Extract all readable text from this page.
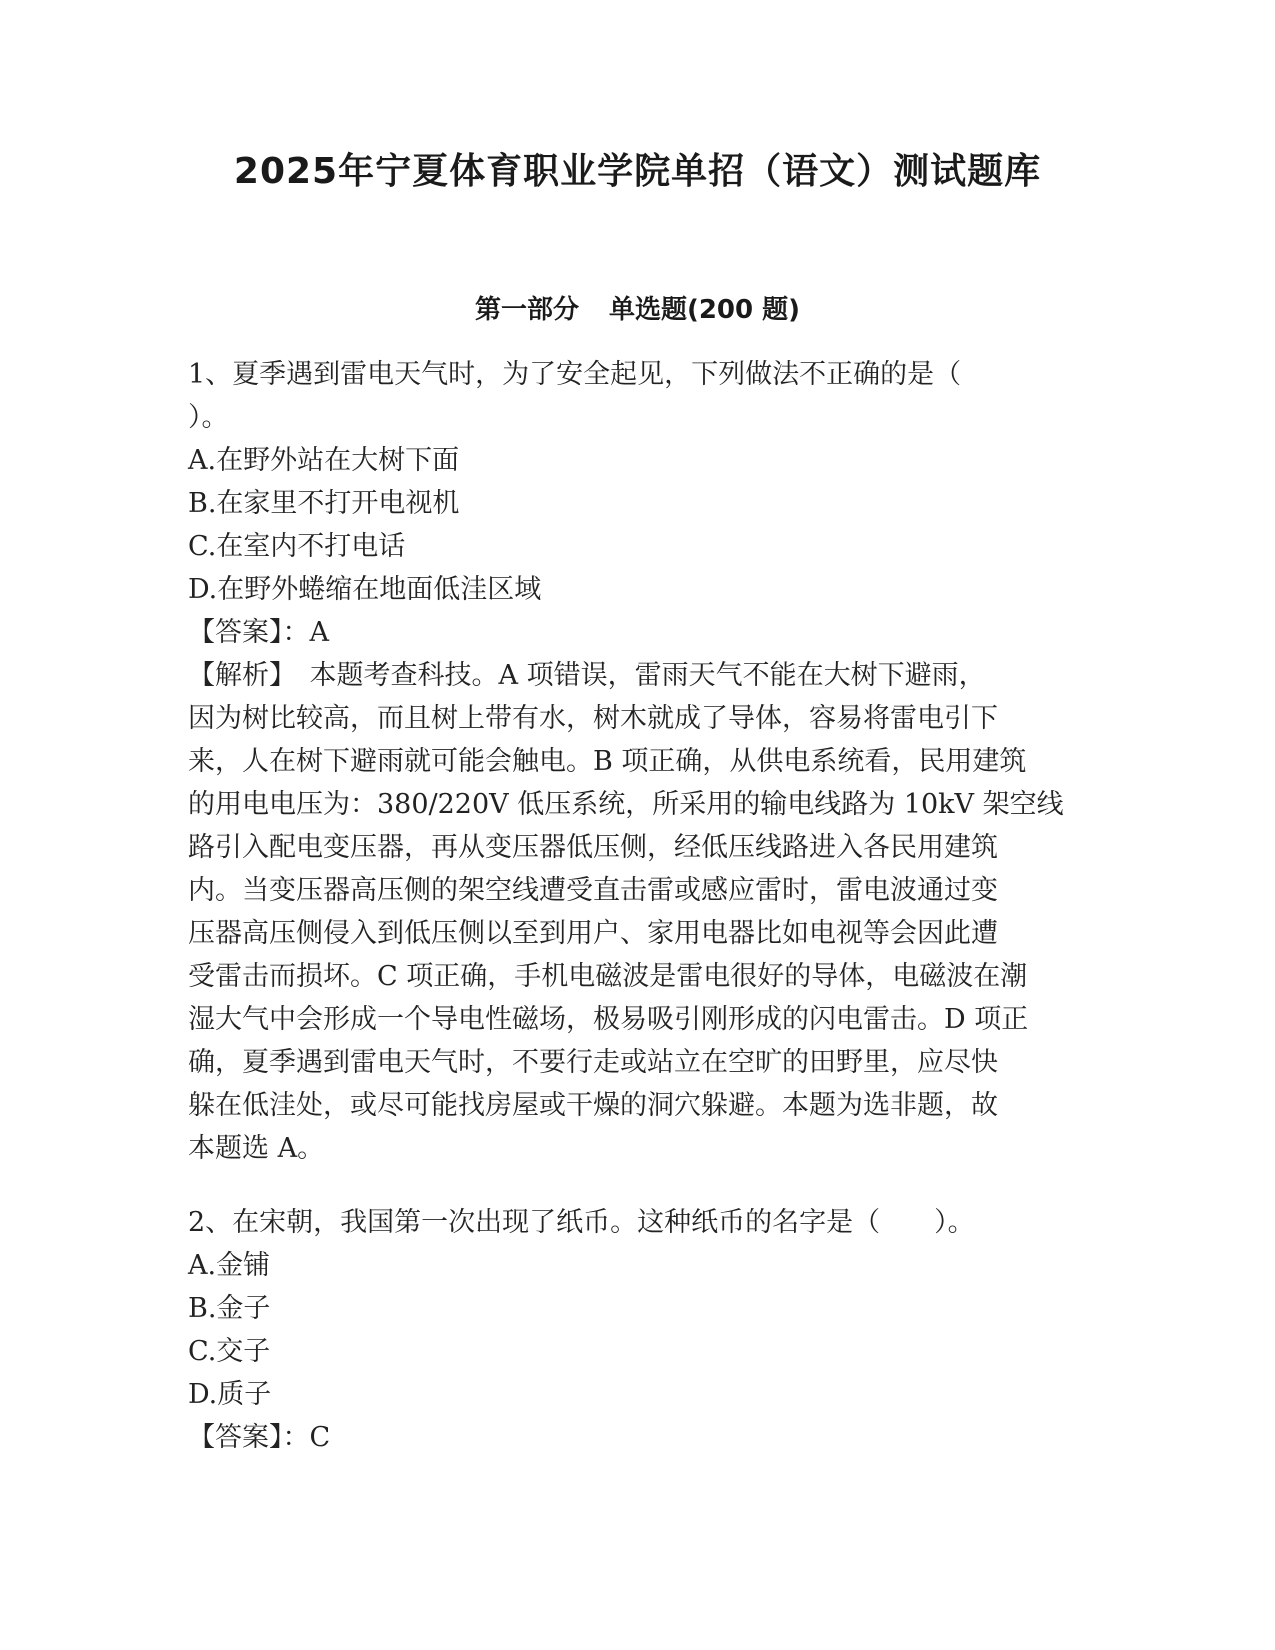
2025年宁夏体育职业学院单招（语文）测试题库
第一部分 单选题(200 题)

1、夏季遇到雷电天气时，为了安全起见，下列做法不正确的是（

）。

A.在野外站在大树下面

B.在家里不打开电视机

C.在室内不打电话

D.在野外蜷缩在地面低洼区域

【答案】：A

【解析】　本题考查科技。A 项错误，雷雨天气不能在大树下避雨，

因为树比较高，而且树上带有水，树木就成了导体，容易将雷电引下

来，人在树下避雨就可能会触电。B 项正确，从供电系统看，民用建筑

的用电电压为：380/220V 低压系统，所采用的输电线路为 10kV 架空线

路引入配电变压器，再从变压器低压侧，经低压线路进入各民用建筑

内。当变压器高压侧的架空线遭受直击雷或感应雷时，雷电波通过变

压器高压侧侵入到低压侧以至到用户、家用电器比如电视等会因此遭

受雷击而损坏。C 项正确，手机电磁波是雷电很好的导体，电磁波在潮

湿大气中会形成一个导电性磁场，极易吸引刚形成的闪电雷击。D 项正

确，夏季遇到雷电天气时，不要行走或站立在空旷的田野里，应尽快

躲在低洼处，或尽可能找房屋或干燥的洞穴躲避。本题为选非题，故

本题选 A。

2、在宋朝，我国第一次出现了纸币。这种纸币的名字是（　　）。

A.金铺

B.金子

C.交子

D.质子

【答案】：C
